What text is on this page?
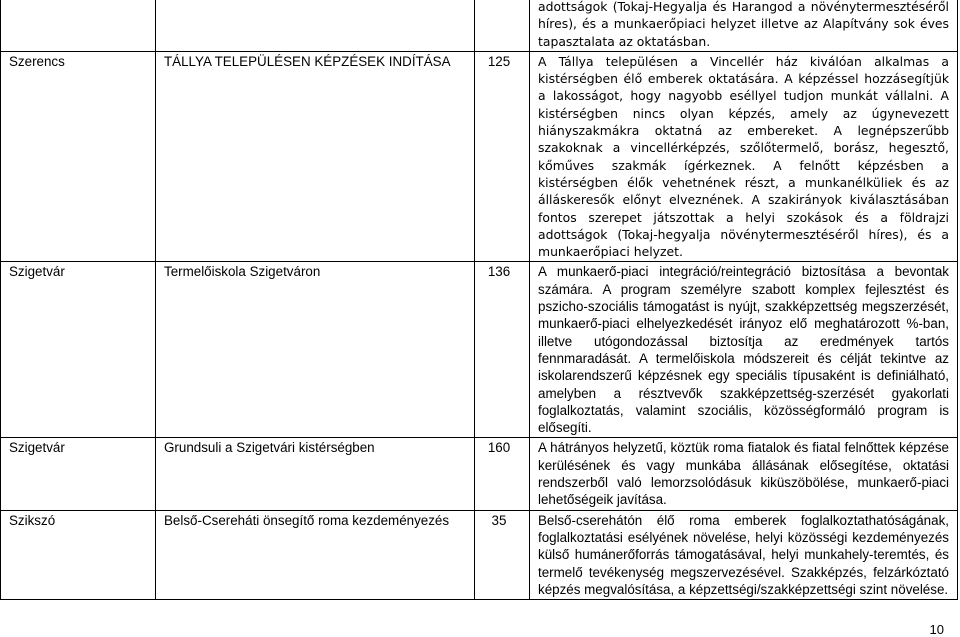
			adottságok (Tokaj-Hegyalja és Harangod a növénytermesztéséről híres), és a munkaerőpiaci helyzet illetve az Alapítvány sok éves tapasztalata az oktatásban.
Szerencs	TÁLLYA TELEPÜLÉSEN KÉPZÉSEK INDÍTÁSA	125	A Tállya településen a Vincellér ház kiválóan alkalmas a kistérségben élő emberek oktatására. A képzéssel hozzásegítjük a lakosságot, hogy nagyobb eséllyel tudjon munkát vállalni. A kistérségben nincs olyan képzés, amely az úgynevezett hiányszakmákra oktatná az embereket. A legnépszerűbb szakoknak a vincellérképzés, szőlőtermelő, borász, hegesztő, kőműves szakmák ígérkeznek. A felnőtt képzésben a kistérségben élők vehetnének részt, a munkanélküliek és az álláskeresők előnyt elveznének. A szakirányok kiválasztásában fontos szerepet játszottak a helyi szokások és a földrajzi adottságok (Tokaj-hegyalja növénytermesztéséről híres), és a munkaerőpiaci helyzet.
Szigetvár	Termelőiskola Szigetváron	136	A munkaerő-piaci integráció/reintegráció biztosítása a bevontak számára. A program személyre szabott komplex fejlesztést és pszicho-szociális támogatást is nyújt, szakképzettség megszerzését, munkaerő-piaci elhelyezkedését irányoz elő meghatározott %-ban, illetve utógondozással biztosítja az eredmények tartós fennmaradását. A termelőiskola módszereit és célját tekintve az iskolarendszerű képzésnek egy speciális típusaként is definiálható, amelyben a résztvevők szakképzettség-szerzését gyakorlati foglalkoztatás, valamint szociális, közösségformáló program is elősegíti.
Szigetvár	Grundsuli a Szigetvári kistérségben	160	A hátrányos helyzetű, köztük roma fiatalok és fiatal felnőttek képzése kerülésének és vagy munkába állásának elősegítése, oktatási rendszerből való lemorzsolódásuk kiküszöbölése, munkaerő-piaci lehetőségeik javítása.
Szikszó	Belső-Csereháti önsegítő roma kezdeményezés	35	Belső-cserehátón élő roma emberek foglalkoztathatóságának, foglalkoztatási esélyének növelése, helyi közösségi kezdeményezés külső humánerőforrás támogatásával, helyi munkahely-teremtés, és termelő tevékenység megszervezésével. Szakképzés, felzárkóztató képzés megvalósítása, a képzettségi/szakképzettségi szint növelése.
10
